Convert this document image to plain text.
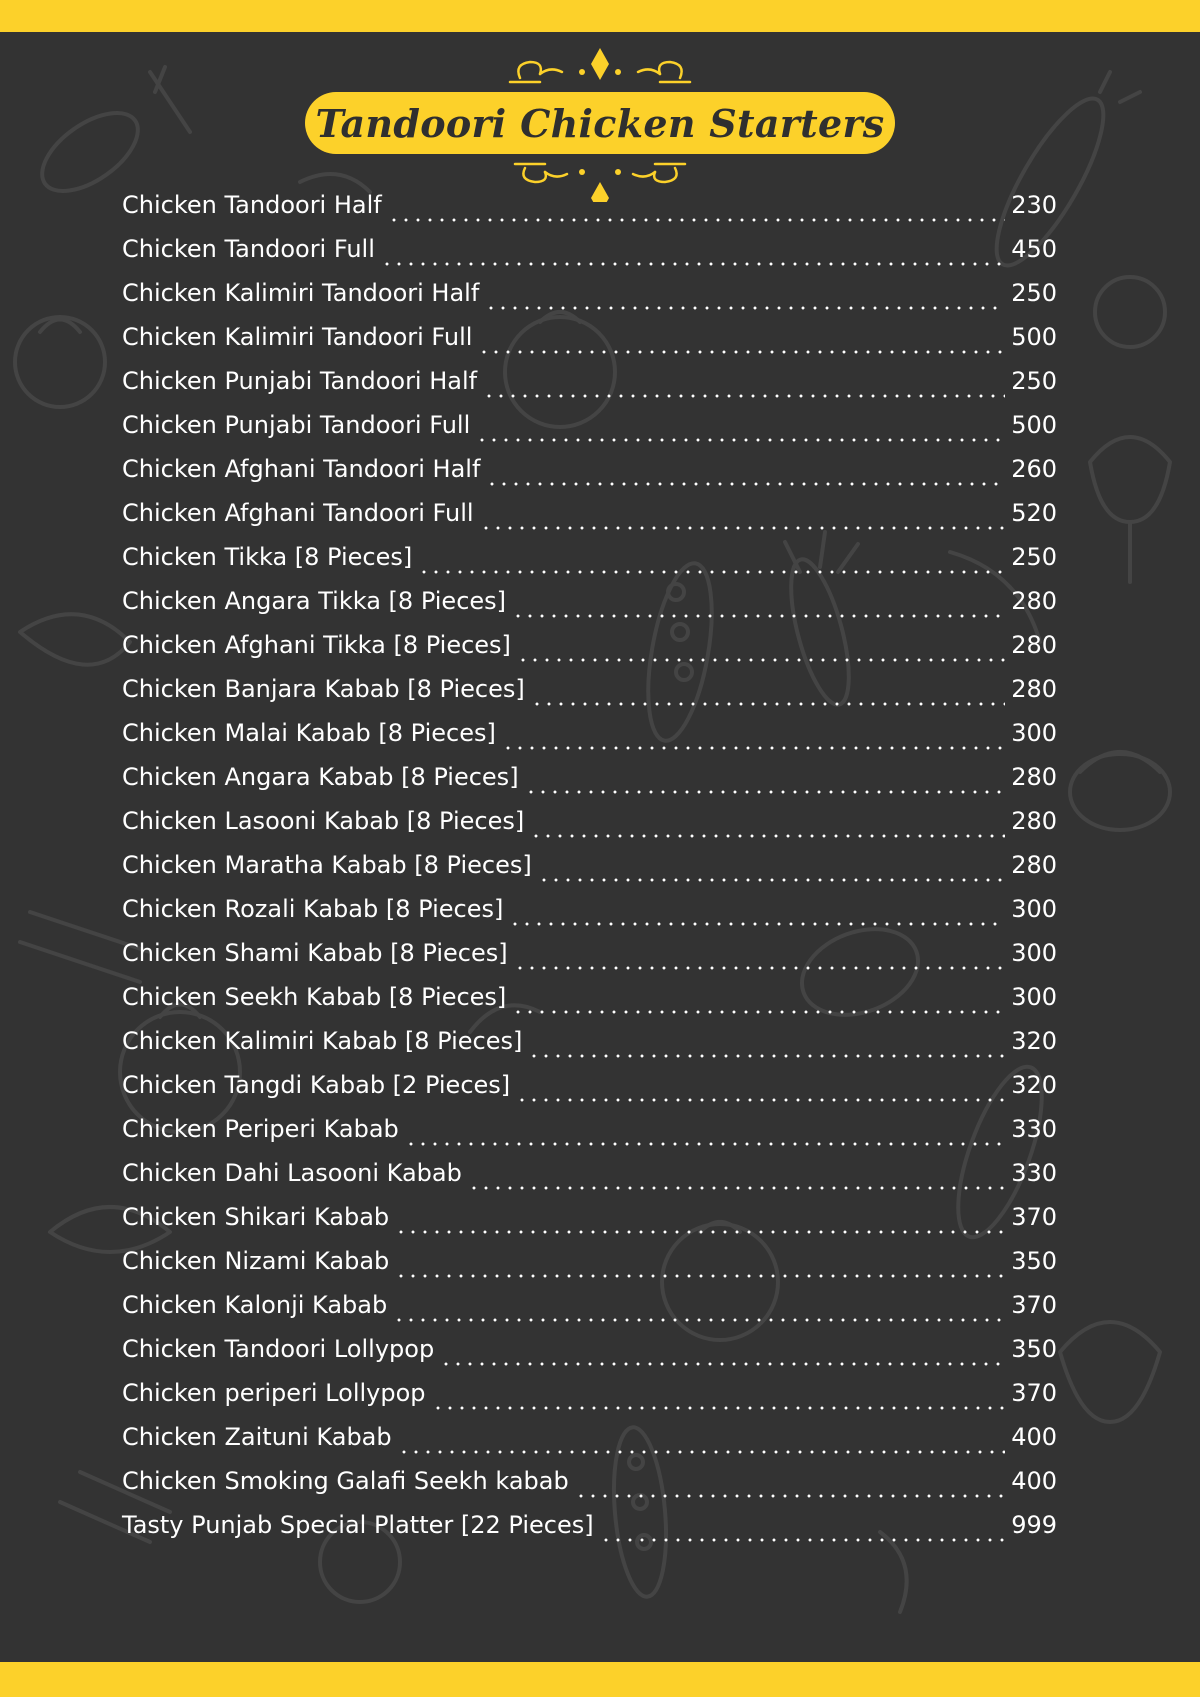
Tandoori Chicken Starters
Chicken Tandoori Half	230
Chicken Tandoori Full	450
Chicken Kalimiri Tandoori Half	250
Chicken Kalimiri Tandoori Full	500
Chicken Punjabi Tandoori Half	250
Chicken Punjabi Tandoori Full	500
Chicken Afghani Tandoori Half	260
Chicken Afghani Tandoori Full	520
Chicken Tikka [8 Pieces]	250
Chicken Angara Tikka [8 Pieces]	280
Chicken Afghani Tikka [8 Pieces]	280
Chicken Banjara Kabab [8 Pieces]	280
Chicken Malai Kabab [8 Pieces]	300
Chicken Angara Kabab [8 Pieces]	280
Chicken Lasooni Kabab [8 Pieces]	280
Chicken Maratha Kabab [8 Pieces]	280
Chicken Rozali Kabab [8 Pieces]	300
Chicken Shami Kabab [8 Pieces]	300
Chicken Seekh Kabab [8 Pieces]	300
Chicken Kalimiri Kabab [8 Pieces]	320
Chicken Tangdi Kabab [2 Pieces]	320
Chicken Periperi Kabab	330
Chicken Dahi Lasooni Kabab	330
Chicken Shikari Kabab	370
Chicken Nizami Kabab	350
Chicken Kalonji Kabab	370
Chicken Tandoori Lollypop	350
Chicken periperi Lollypop	370
Chicken Zaituni Kabab	400
Chicken Smoking Galafi Seekh kabab	400
Tasty Punjab Special Platter [22 Pieces]	999
